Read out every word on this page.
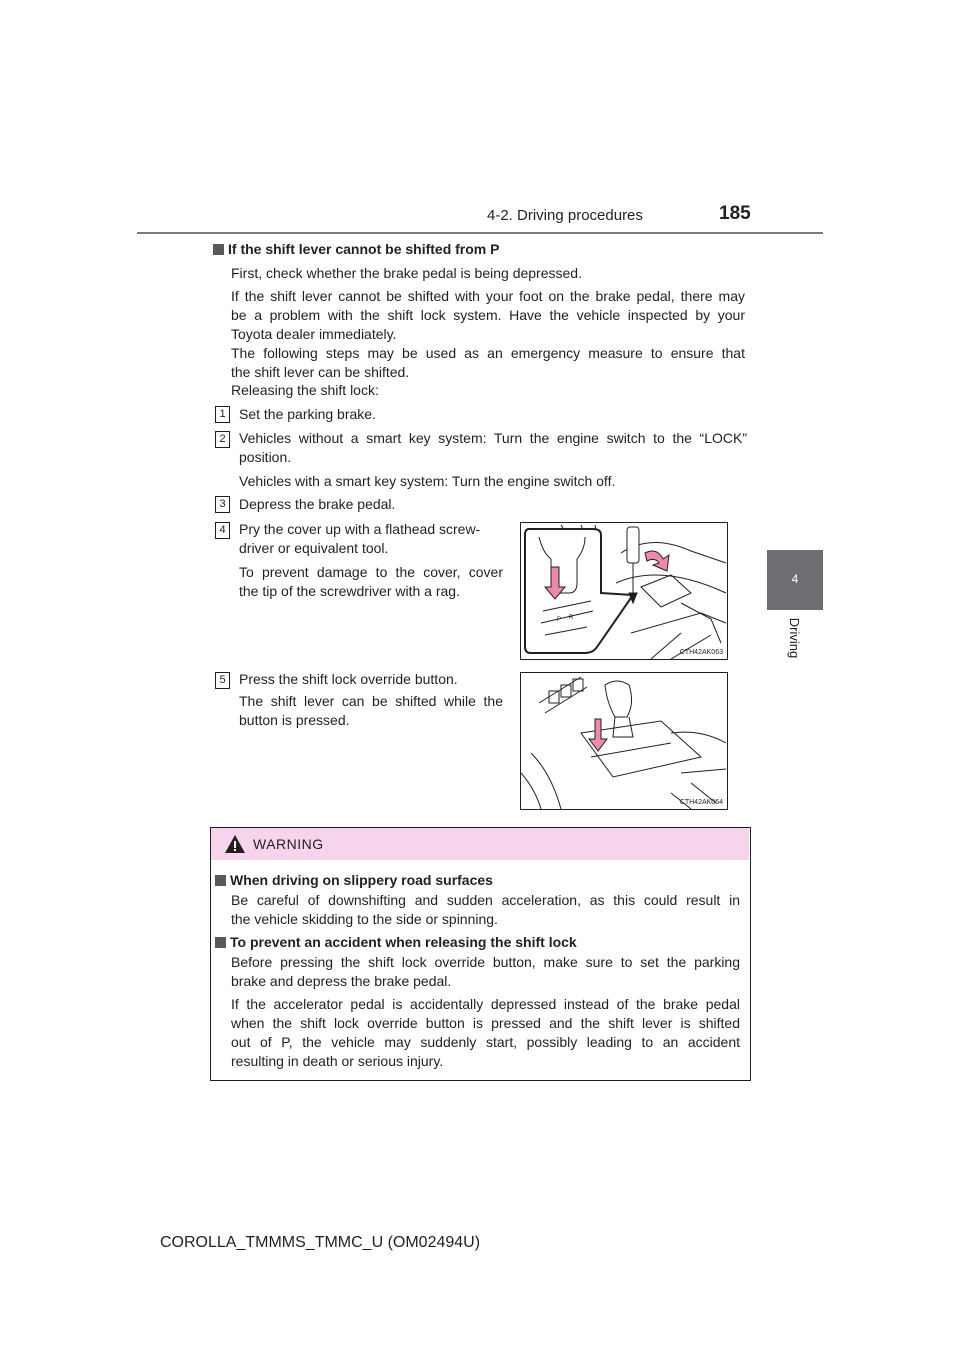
4-2. Driving procedures	185
4
Driving
If the shift lever cannot be shifted from P
First, check whether the brake pedal is being depressed.
If the shift lever cannot be shifted with your foot on the brake pedal, there may
be a problem with the shift lock system. Have the vehicle inspected by your
Toyota dealer immediately.
The following steps may be used as an emergency measure to ensure that
the shift lever can be shifted.
Releasing the shift lock:
1 Set the parking brake.
2 Vehicles without a smart key system: Turn the engine switch to the “LOCK”
position.
Vehicles with a smart key system: Turn the engine switch off.
3 Depress the brake pedal.
4 Pry the cover up with a flathead screw-
driver or equivalent tool.
To prevent damage to the cover, cover
the tip of the screwdriver with a rag.
P R
CTH42AK063
5 Press the shift lock override button.
The shift lever can be shifted while the
button is pressed.
CTH42AK064
WARNING
When driving on slippery road surfaces
Be careful of downshifting and sudden acceleration, as this could result in
the vehicle skidding to the side or spinning.
To prevent an accident when releasing the shift lock
Before pressing the shift lock override button, make sure to set the parking
brake and depress the brake pedal.
If the accelerator pedal is accidentally depressed instead of the brake pedal
when the shift lock override button is pressed and the shift lever is shifted
out of P, the vehicle may suddenly start, possibly leading to an accident
resulting in death or serious injury.
COROLLA_TMMMS_TMMC_U (OM02494U)
